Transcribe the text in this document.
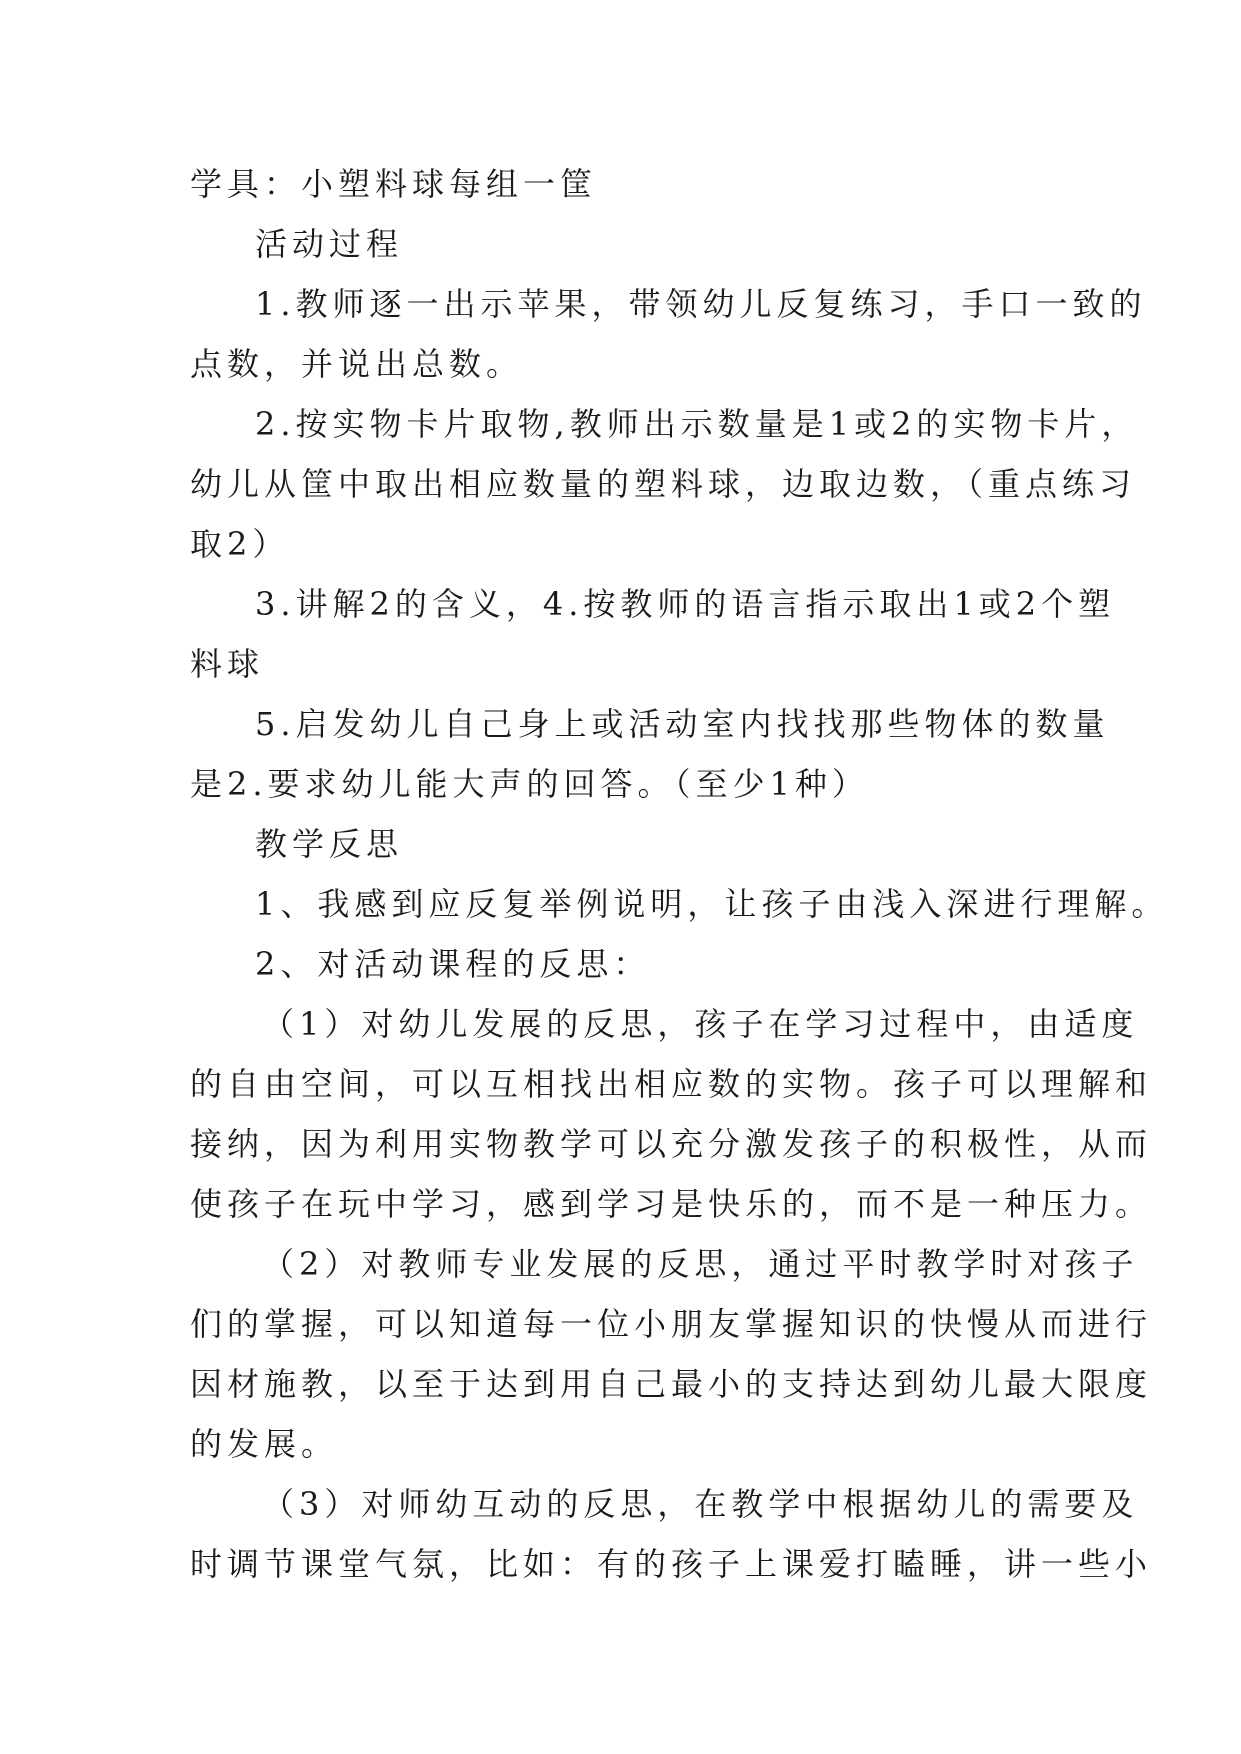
学具：小塑料球每组一筐
活动过程
1.教师逐一出示苹果，带领幼儿反复练习，手口一致的
点数，并说出总数。
2.按实物卡片取物,教师出示数量是1或2的实物卡片，
幼儿从筐中取出相应数量的塑料球，边取边数，（重点练习
取2）
3.讲解2的含义，4.按教师的语言指示取出1或2个塑
料球
5.启发幼儿自己身上或活动室内找找那些物体的数量
是2.要求幼儿能大声的回答。（至少1种）
教学反思
1、我感到应反复举例说明，让孩子由浅入深进行理解。
2、对活动课程的反思：
（1）对幼儿发展的反思，孩子在学习过程中，由适度
的自由空间，可以互相找出相应数的实物。孩子可以理解和
接纳，因为利用实物教学可以充分激发孩子的积极性，从而
使孩子在玩中学习，感到学习是快乐的，而不是一种压力。
（2）对教师专业发展的反思，通过平时教学时对孩子
们的掌握，可以知道每一位小朋友掌握知识的快慢从而进行
因材施教，以至于达到用自己最小的支持达到幼儿最大限度
的发展。
（3）对师幼互动的反思，在教学中根据幼儿的需要及
时调节课堂气氛，比如：有的孩子上课爱打瞌睡，讲一些小
